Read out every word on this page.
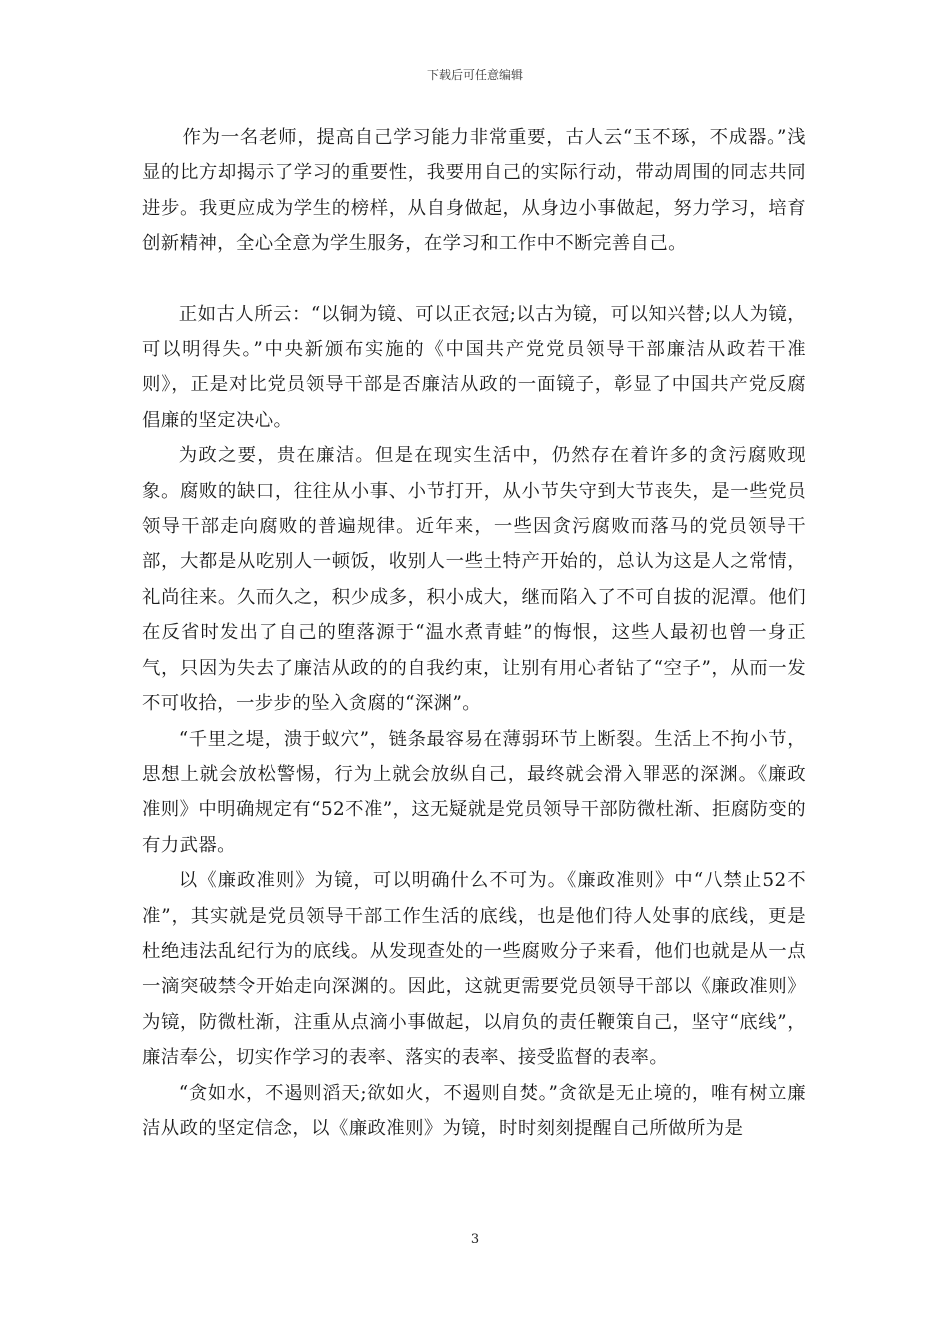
下载后可任意编辑

作为一名老师，提高自己学习能力非常重要，古人云“玉不琢，不成器。”浅显的比方却揭示了学习的重要性，我要用自己的实际行动，带动周围的同志共同进步。我更应成为学生的榜样，从自身做起，从身边小事做起，努力学习，培育创新精神，全心全意为学生服务，在学习和工作中不断完善自己。

正如古人所云：“以铜为镜、可以正衣冠;以古为镜，可以知兴替;以人为镜，可以明得失。”中央新颁布实施的《中国共产党党员领导干部廉洁从政若干准则》，正是对比党员领导干部是否廉洁从政的一面镜子，彰显了中国共产党反腐倡廉的坚定决心。

为政之要，贵在廉洁。但是在现实生活中，仍然存在着许多的贪污腐败现象。腐败的缺口，往往从小事、小节打开，从小节失守到大节丧失，是一些党员领导干部走向腐败的普遍规律。近年来，一些因贪污腐败而落马的党员领导干部，大都是从吃别人一顿饭，收别人一些土特产开始的，总认为这是人之常情，礼尚往来。久而久之，积少成多，积小成大，继而陷入了不可自拔的泥潭。他们在反省时发出了自己的堕落源于“温水煮青蛙”的悔恨，这些人最初也曾一身正气，只因为失去了廉洁从政的的自我约束，让别有用心者钻了“空子”，从而一发不可收拾，一步步的坠入贪腐的“深渊”。

“千里之堤，溃于蚁穴”，链条最容易在薄弱环节上断裂。生活上不拘小节，思想上就会放松警惕，行为上就会放纵自己，最终就会滑入罪恶的深渊。《廉政准则》中明确规定有“52不准”，这无疑就是党员领导干部防微杜渐、拒腐防变的有力武器。

以《廉政准则》为镜，可以明确什么不可为。《廉政准则》中“八禁止52不准”，其实就是党员领导干部工作生活的底线，也是他们待人处事的底线，更是杜绝违法乱纪行为的底线。从发现查处的一些腐败分子来看，他们也就是从一点一滴突破禁令开始走向深渊的。因此，这就更需要党员领导干部以《廉政准则》为镜，防微杜渐，注重从点滴小事做起，以肩负的责任鞭策自己，坚守“底线”，廉洁奉公，切实作学习的表率、落实的表率、接受监督的表率。

“贪如水，不遏则滔天;欲如火，不遏则自焚。”贪欲是无止境的，唯有树立廉洁从政的坚定信念，以《廉政准则》为镜，时时刻刻提醒自己所做所为是

3
